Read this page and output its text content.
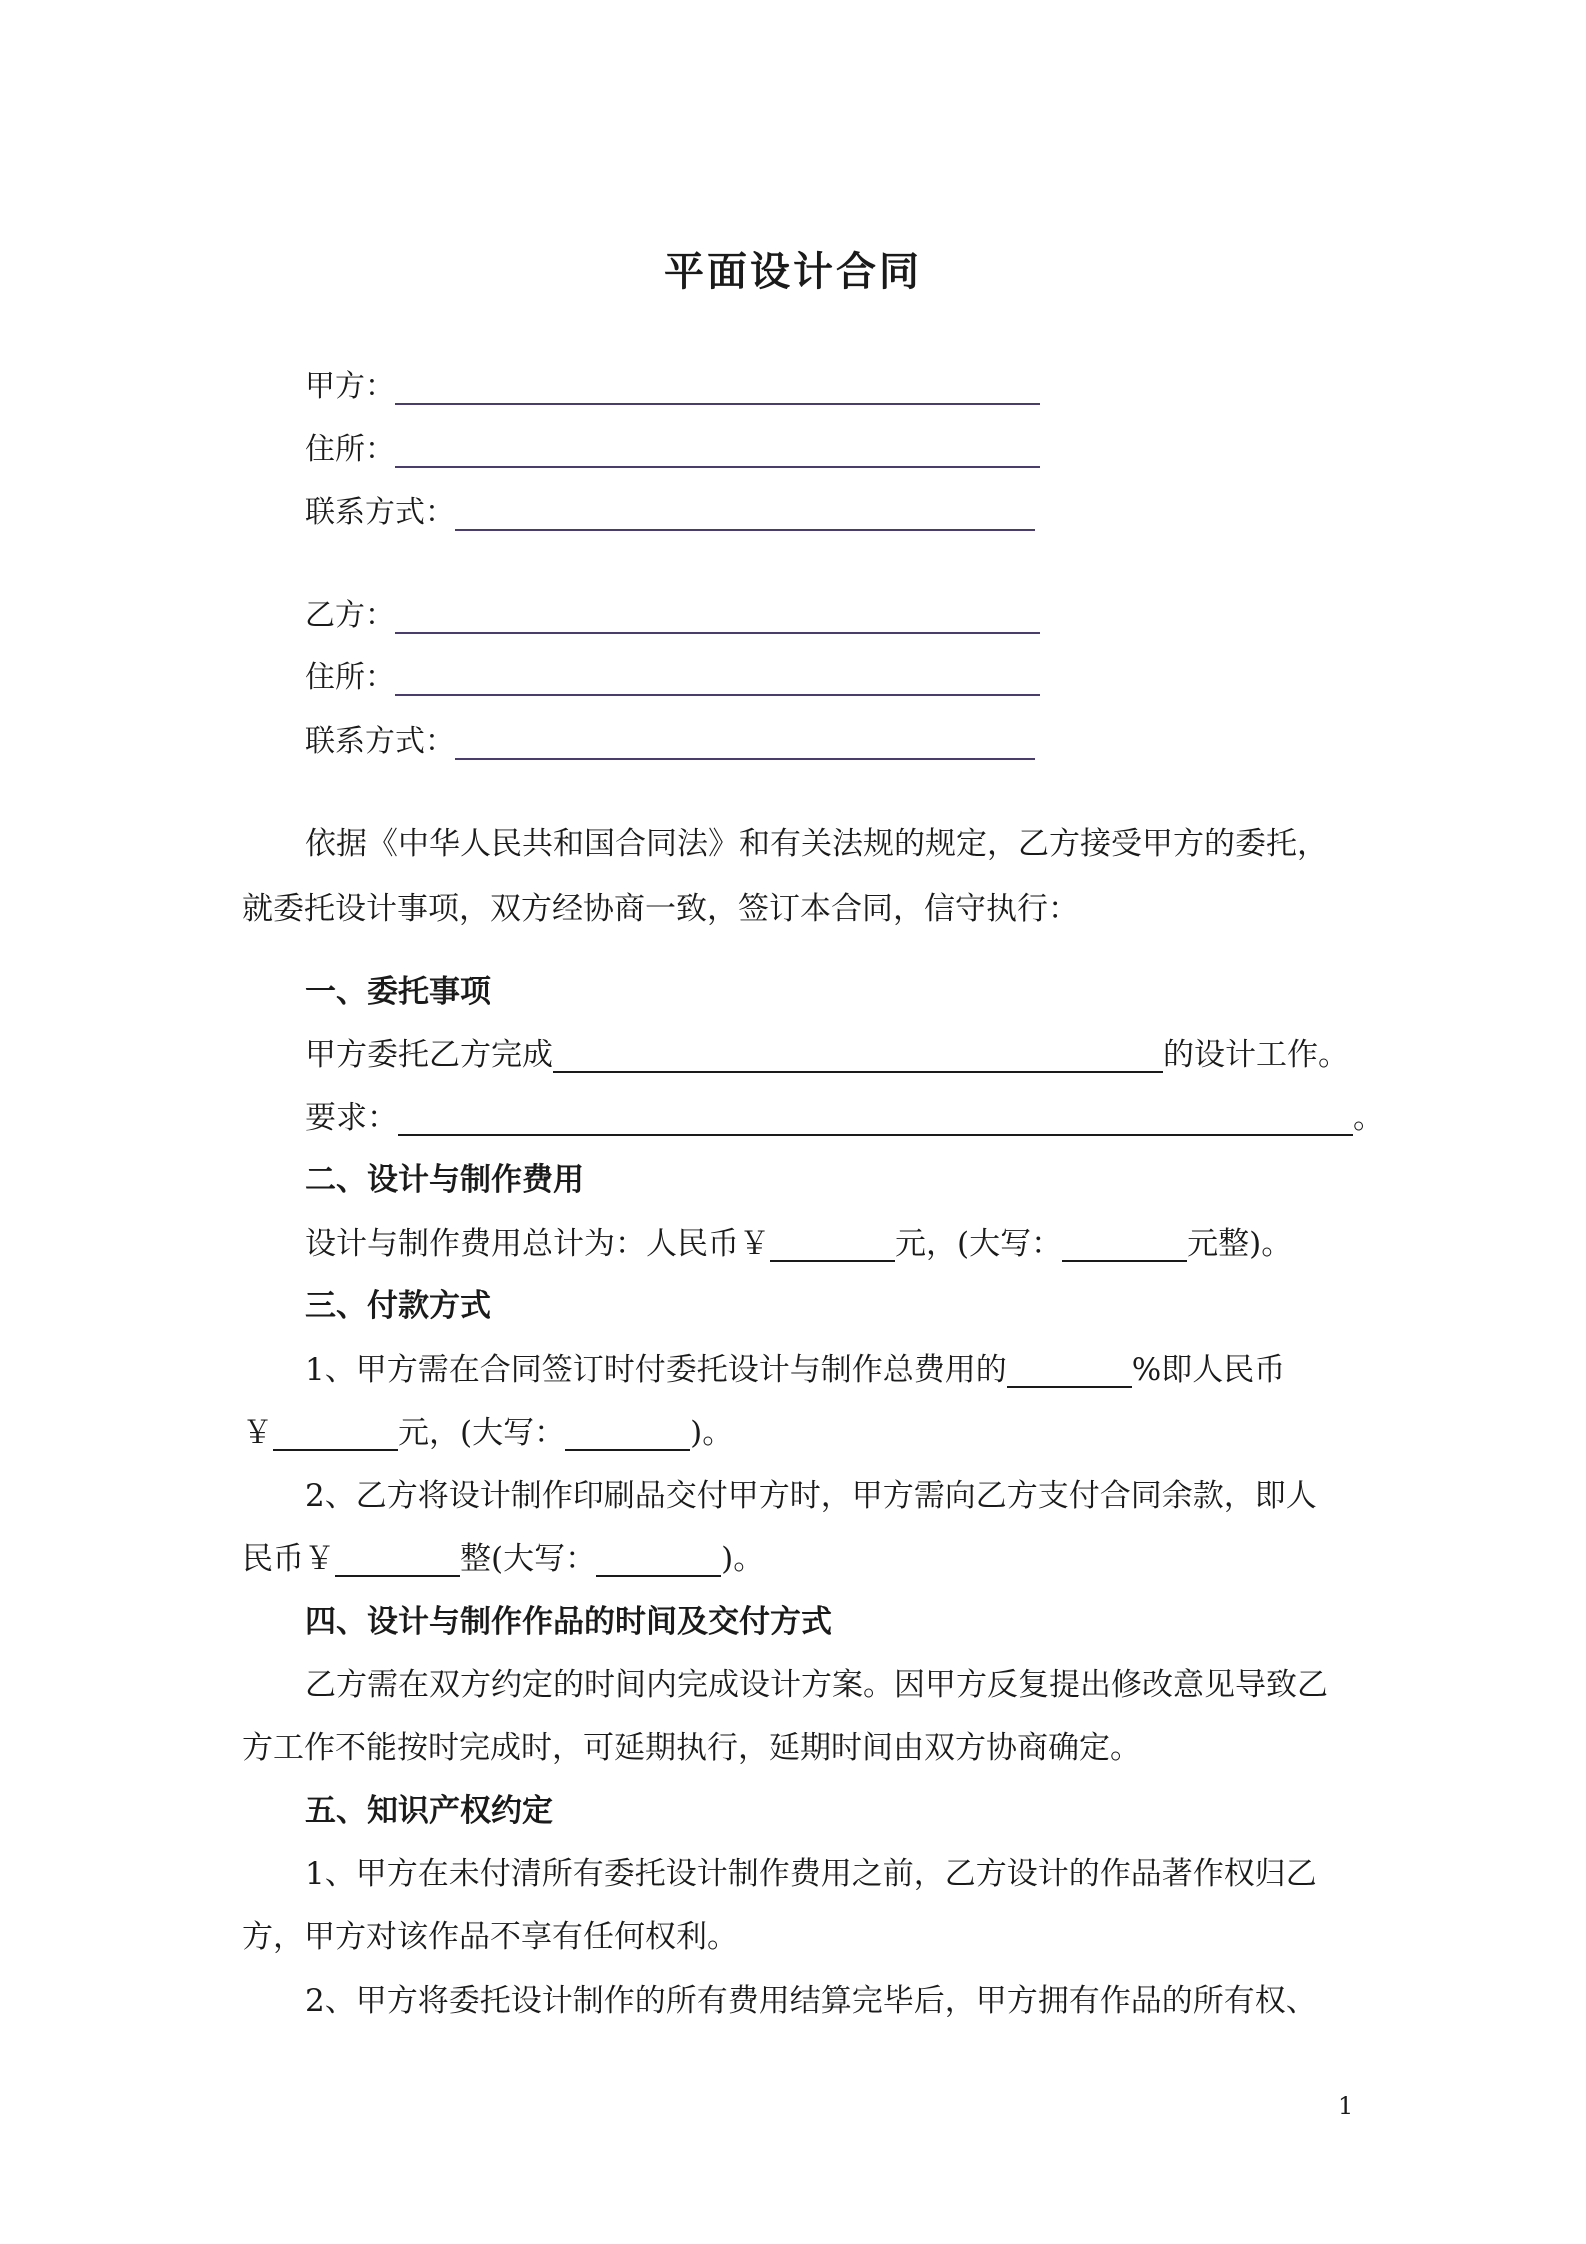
平面设计合同
甲方：
住所：
联系方式：
乙方：
住所：
联系方式：
依据《中华人民共和国合同法》和有关法规的规定，乙方接受甲方的委托，
就委托设计事项，双方经协商一致，签订本合同，信守执行：
一、委托事项
甲方委托乙方完成	的设计工作。
要求：	。
二、设计与制作费用
设计与制作费用总计为：人民币￥	元，(大写：	元整)。
三、付款方式
1、甲方需在合同签订时付委托设计与制作总费用的	%即人民币
￥	元，(大写：	)。
2、乙方将设计制作印刷品交付甲方时，甲方需向乙方支付合同余款，即人
民币￥	整(大写：	)。
四、设计与制作作品的时间及交付方式
乙方需在双方约定的时间内完成设计方案。因甲方反复提出修改意见导致乙
方工作不能按时完成时，可延期执行，延期时间由双方协商确定。
五、知识产权约定
1、甲方在未付清所有委托设计制作费用之前，乙方设计的作品著作权归乙
方，甲方对该作品不享有任何权利。
2、甲方将委托设计制作的所有费用结算完毕后，甲方拥有作品的所有权、
1
